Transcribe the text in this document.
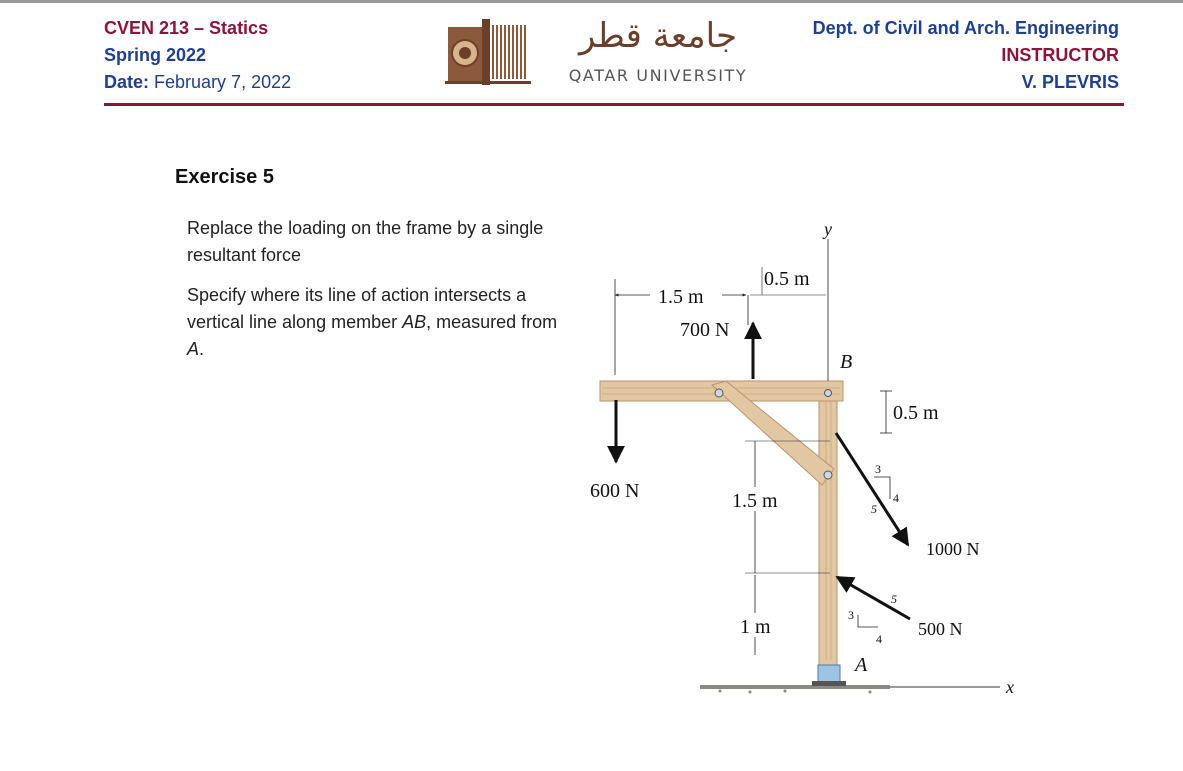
CVEN 213 – Statics
Spring 2022
Date: February 7, 2022
جامعة قطر
QATAR UNIVERSITY
Dept. of Civil and Arch. Engineering
INSTRUCTOR
V. PLEVRIS
Exercise 5
Replace the loading on the frame by a single resultant force
Specify where its line of action intersects a vertical line along member AB, measured from A.
y
x
1.5 m
0.5 m
700 N
B
0.5 m
600 N	1.5 m
1 m
1000 N
3
4
5
500 N
3
4
5
A
